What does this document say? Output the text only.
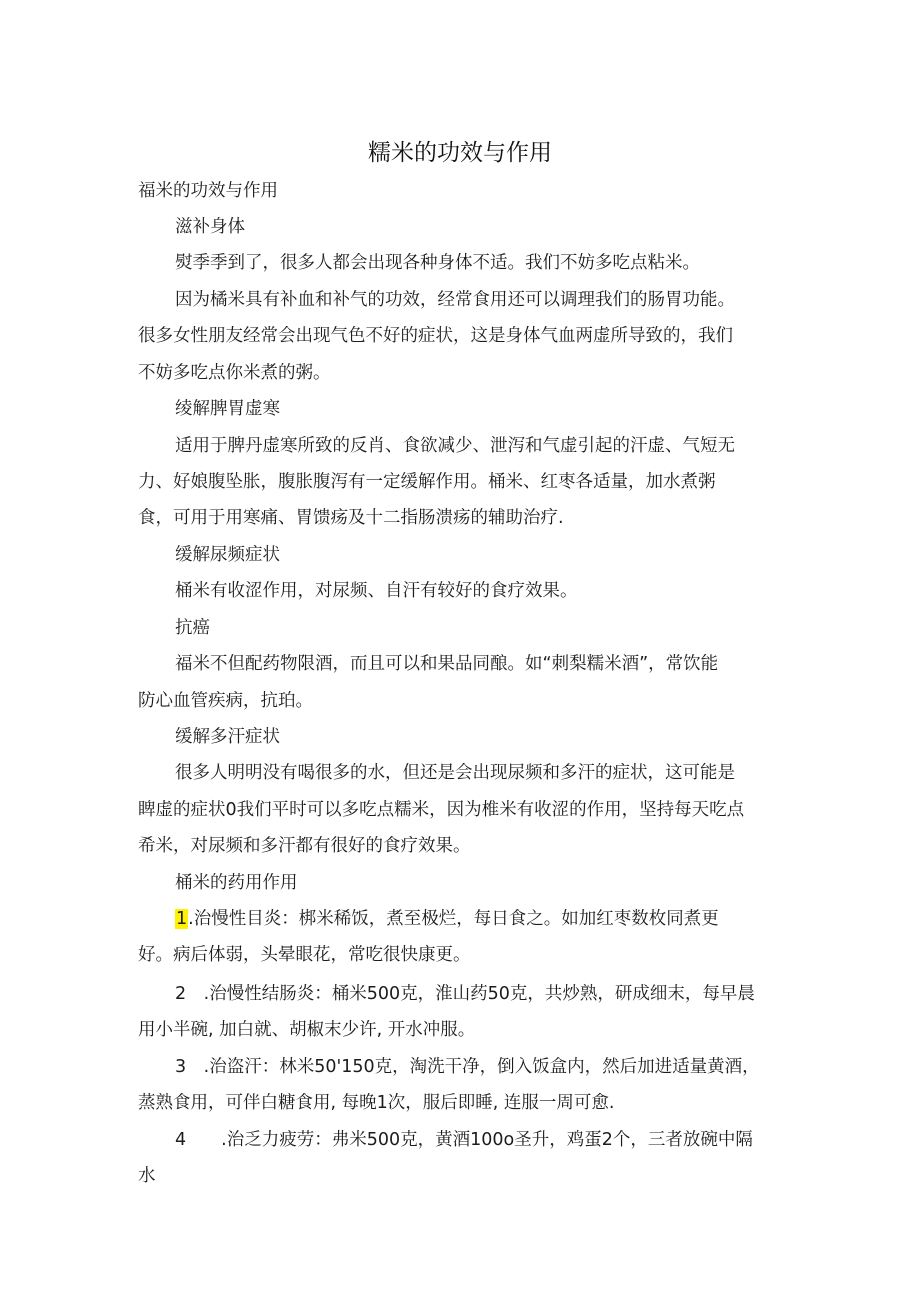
糯米的功效与作用

福米的功效与作用

滋补身体

熨季季到了，很多人都会出现各种身体不适。我们不妨多吃点粘米。

因为橘米具有补血和补气的功效，经常食用还可以调理我们的肠胃功能。

很多女性朋友经常会出现气色不好的症状，这是身体气血两虚所导致的，我们

不妨多吃点你米煮的粥。

绫解脾胃虚寒

适用于脾丹虚寒所致的反肖、食欲减少、泄泻和气虚引起的汗虚、气短无

力、好娘腹坠胀，腹胀腹泻有一定缓解作用。桶米、红枣各适量，加水煮粥

食，可用于用寒痛、胃馈疡及十二指肠溃疡的辅助治疗.

缓解尿频症状

桶米有收涩作用，对尿频、自汗有较好的食疗效果。

抗癌

福米不但配药物限酒，而且可以和果品同酿。如“刺梨糯米酒”，常饮能

防心血管疾病，抗珀。

缓解多汗症状

很多人明明没有喝很多的水，但还是会出现尿频和多汗的症状，这可能是

睥虚的症状0我们平时可以多吃点糯米，因为椎米有收涩的作用，坚持每天吃点

希米，对尿频和多汗都有很好的食疗效果。

桶米的药用作用

1.治慢性目炎：梆米稀饭，煮至极烂，每日食之。如加红枣数枚同煮更

好。病后体弱，头晕眼花，常吃很快康更。

2　.治慢性结肠炎：桶米500克，淮山药50克，共炒熟，研成细末，每早晨

用小半碗, 加白就、胡椒末少许, 开水冲服。

3　.治盗汗：林米50'150克，淘洗干净，倒入饭盒内，然后加进适量黄酒，

蒸熟食用，可伴白糖食用, 每晚1次，服后即睡, 连服一周可愈.

4　　.治乏力疲劳：弗米500克，黄酒100o圣升，鸡蛋2个，三者放碗中隔

水
